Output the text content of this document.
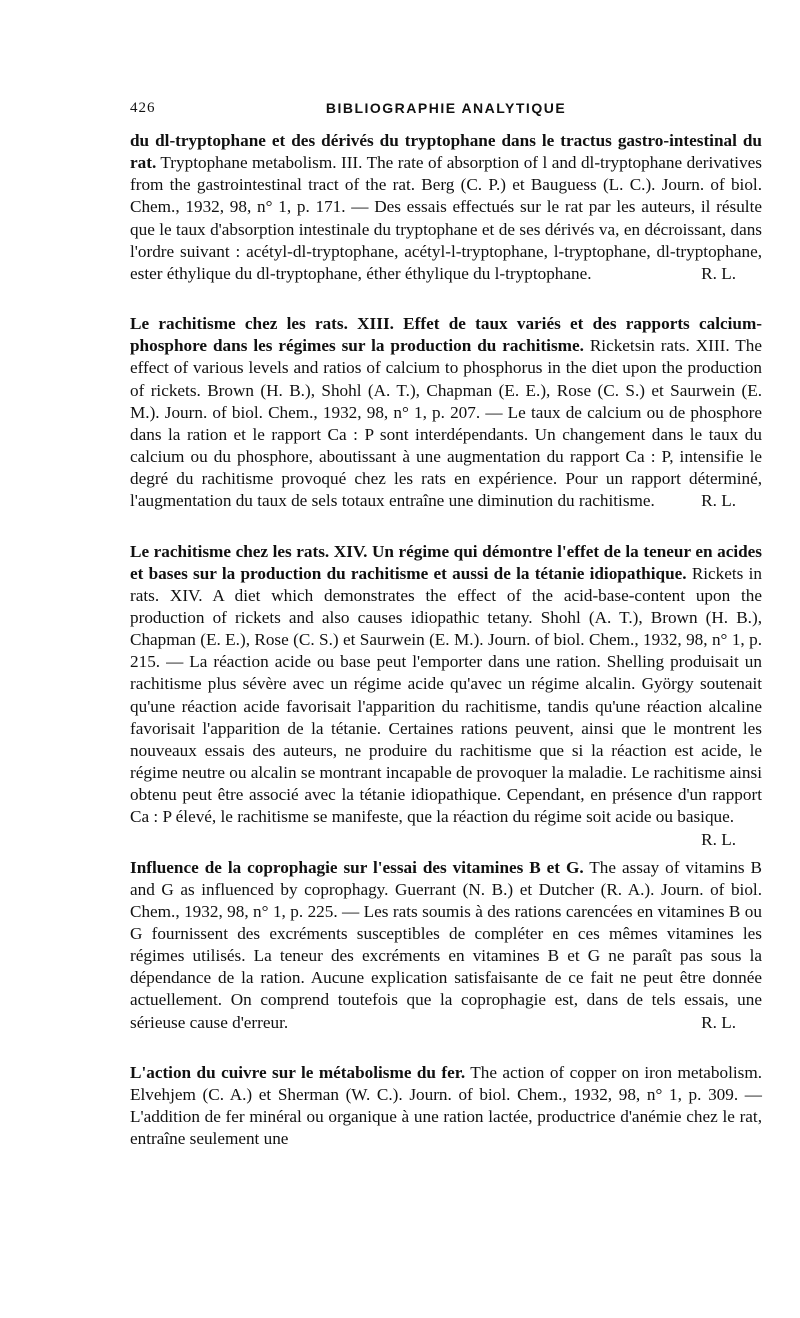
426	BIBLIOGRAPHIE ANALYTIQUE

du dl-tryptophane et des dérivés du tryptophane dans le tractus gastro-intestinal du rat. Tryptophane metabolism. III. The rate of absorption of l and dl-tryptophane derivatives from the gastrointestinal tract of the rat. Berg (C. P.) et Bauguess (L. C.). Journ. of biol. Chem., 1932, 98, n° 1, p. 171. — Des essais effectués sur le rat par les auteurs, il résulte que le taux d'absorption intestinale du tryptophane et de ses dérivés va, en décroissant, dans l'ordre suivant : acétyl-dl-tryptophane, acétyl-l-tryptophane, l-tryptophane, dl-tryptophane, ester éthylique du dl-tryptophane, éther éthylique du l-tryptophane.	R. L.

Le rachitisme chez les rats. XIII. Effet de taux variés et des rapports calcium-phosphore dans les régimes sur la production du rachitisme. Ricketsin rats. XIII. The effect of various levels and ratios of calcium to phosphorus in the diet upon the production of rickets. Brown (H. B.), Shohl (A. T.), Chapman (E. E.), Rose (C. S.) et Saurwein (E. M.). Journ. of biol. Chem., 1932, 98, n° 1, p. 207. — Le taux de calcium ou de phosphore dans la ration et le rapport Ca : P sont interdépendants. Un changement dans le taux du calcium ou du phosphore, aboutissant à une augmentation du rapport Ca : P, intensifie le degré du rachitisme provoqué chez les rats en expérience. Pour un rapport déterminé, l'augmentation du taux de sels totaux entraîne une diminution du rachitisme.	R. L.

Le rachitisme chez les rats. XIV. Un régime qui démontre l'effet de la teneur en acides et bases sur la production du rachitisme et aussi de la tétanie idiopathique. Rickets in rats. XIV. A diet which demonstrates the effect of the acid-base-content upon the production of rickets and also causes idiopathic tetany. Shohl (A. T.), Brown (H. B.), Chapman (E. E.), Rose (C. S.) et Saurwein (E. M.). Journ. of biol. Chem., 1932, 98, n° 1, p. 215. — La réaction acide ou base peut l'emporter dans une ration. Shelling produisait un rachitisme plus sévère avec un régime acide qu'avec un régime alcalin. György soutenait qu'une réaction acide favorisait l'apparition du rachitisme, tandis qu'une réaction alcaline favorisait l'apparition de la tétanie. Certaines rations peuvent, ainsi que le montrent les nouveaux essais des auteurs, ne produire du rachitisme que si la réaction est acide, le régime neutre ou alcalin se montrant incapable de provoquer la maladie. Le rachitisme ainsi obtenu peut être associé avec la tétanie idiopathique. Cependant, en présence d'un rapport Ca : P élevé, le rachitisme se manifeste, que la réaction du régime soit acide ou basique.
R. L.

Influence de la coprophagie sur l'essai des vitamines B et G. The assay of vitamins B and G as influenced by coprophagy. Guerrant (N. B.) et Dutcher (R. A.). Journ. of biol. Chem., 1932, 98, n° 1, p. 225. — Les rats soumis à des rations carencées en vitamines B ou G fournissent des excréments susceptibles de compléter en ces mêmes vitamines les régimes utilisés. La teneur des excréments en vitamines B et G ne paraît pas sous la dépendance de la ration. Aucune explication satisfaisante de ce fait ne peut être donnée actuellement. On comprend toutefois que la coprophagie est, dans de tels essais, une sérieuse cause d'erreur.	R. L.

L'action du cuivre sur le métabolisme du fer. The action of copper on iron metabolism. Elvehjem (C. A.) et Sherman (W. C.). Journ. of biol. Chem., 1932, 98, n° 1, p. 309. — L'addition de fer minéral ou organique à une ration lactée, productrice d'anémie chez le rat, entraîne seulement une
